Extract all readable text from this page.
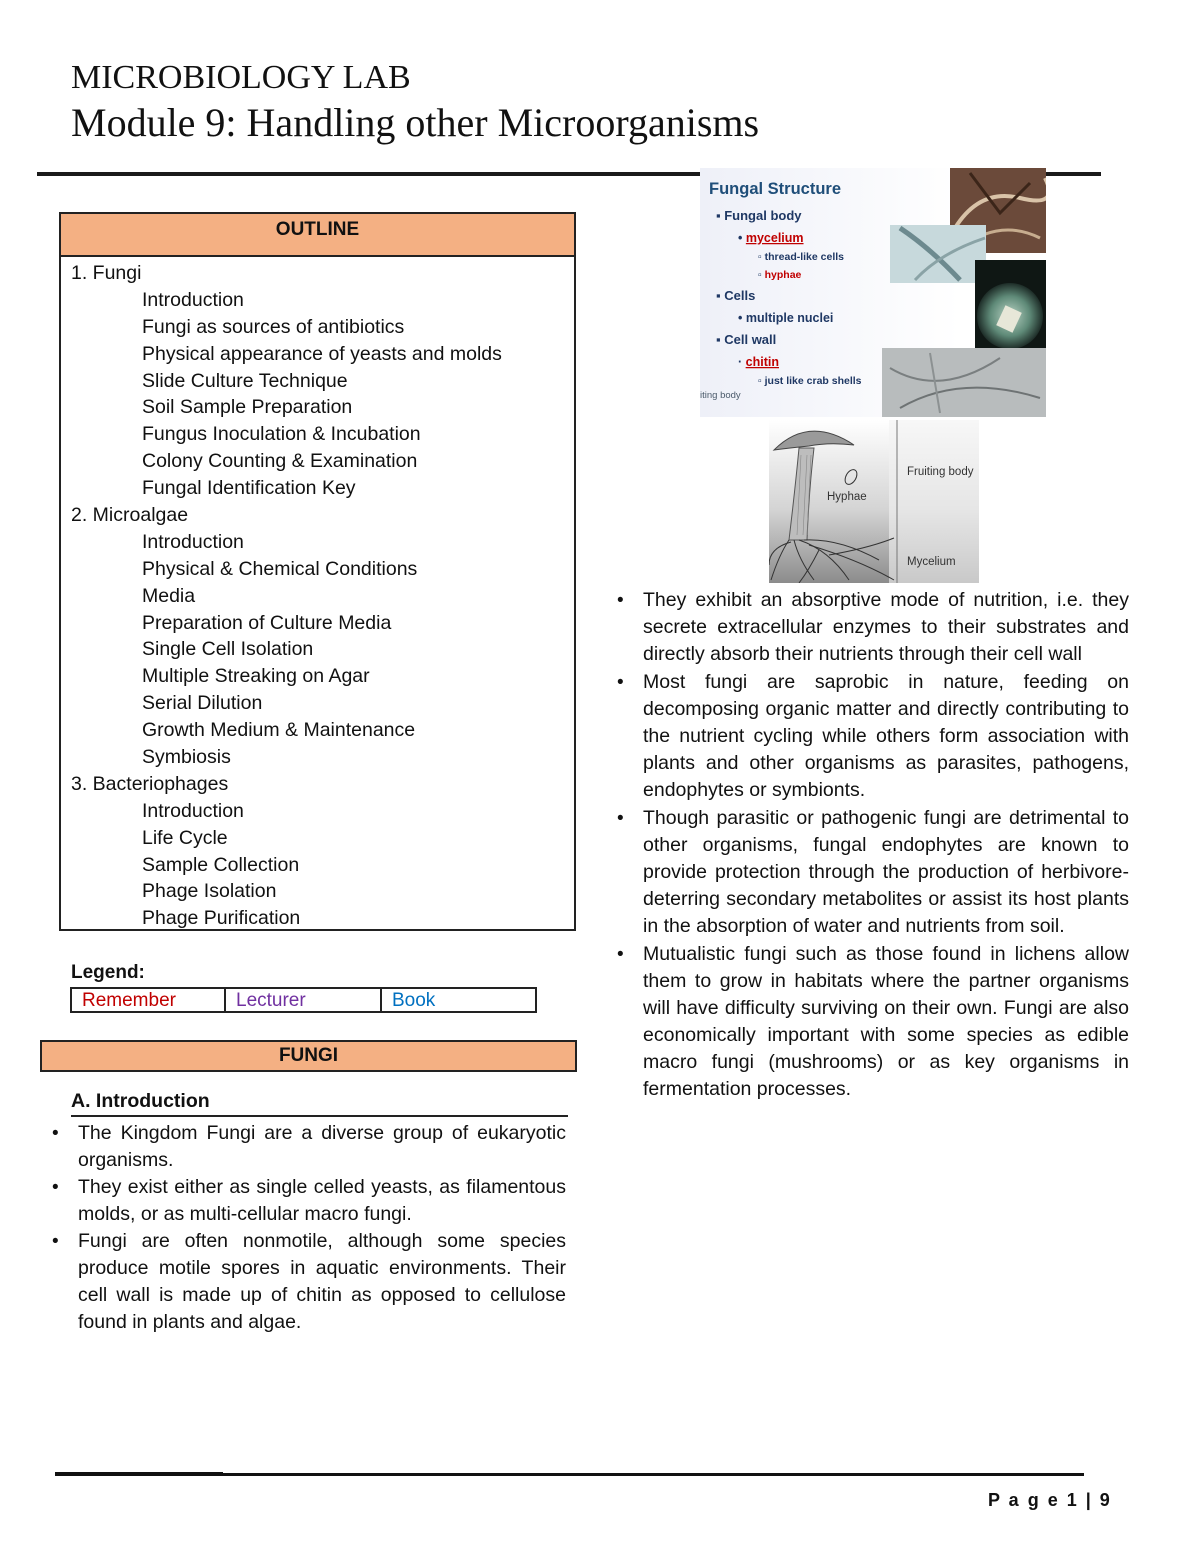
MICROBIOLOGY LAB
Module 9: Handling other Microorganisms
OUTLINE
1. Fungi
Introduction
Fungi as sources of antibiotics
Physical appearance of yeasts and molds
Slide Culture Technique
Soil Sample Preparation
Fungus Inoculation & Incubation
Colony Counting & Examination
Fungal Identification Key
2. Microalgae
Introduction
Physical & Chemical Conditions
Media
Preparation of Culture Media
Single Cell Isolation
Multiple Streaking on Agar
Serial Dilution
Growth Medium & Maintenance
Symbiosis
3. Bacteriophages
Introduction
Life Cycle
Sample Collection
Phage Isolation
Phage Purification
Legend:
Remember	Lecturer	Book
FUNGI
A. Introduction
• The Kingdom Fungi are a diverse group of eukaryotic organisms.
• They exist either as single celled yeasts, as filamentous molds, or as multi-cellular macro fungi.
• Fungi are often nonmotile, although some species produce motile spores in aquatic environments. Their cell wall is made up of chitin as opposed to cellulose found in plants and algae.
Fungal Structure
▪ Fungal body
• mycelium
▫ thread-like cells
▫ hyphae
▪ Cells
• multiple nuclei
▪ Cell wall
· chitin
▫ just like crab shells
iting body
Fruiting body
Hyphae
Mycelium
• They exhibit an absorptive mode of nutrition, i.e. they secrete extracellular enzymes to their substrates and directly absorb their nutrients through their cell wall
• Most fungi are saprobic in nature, feeding on decomposing organic matter and directly contributing to the nutrient cycling while others form association with plants and other organisms as parasites, pathogens, endophytes or symbionts.
• Though parasitic or pathogenic fungi are detrimental to other organisms, fungal endophytes are known to provide protection through the production of herbivore-deterring secondary metabolites or assist its host plants in the absorption of water and nutrients from soil.
• Mutualistic fungi such as those found in lichens allow them to grow in habitats where the partner organisms will have difficulty surviving on their own. Fungi are also economically important with some species as edible macro fungi (mushrooms) or as key organisms in fermentation processes.
P a g e 1 | 9
